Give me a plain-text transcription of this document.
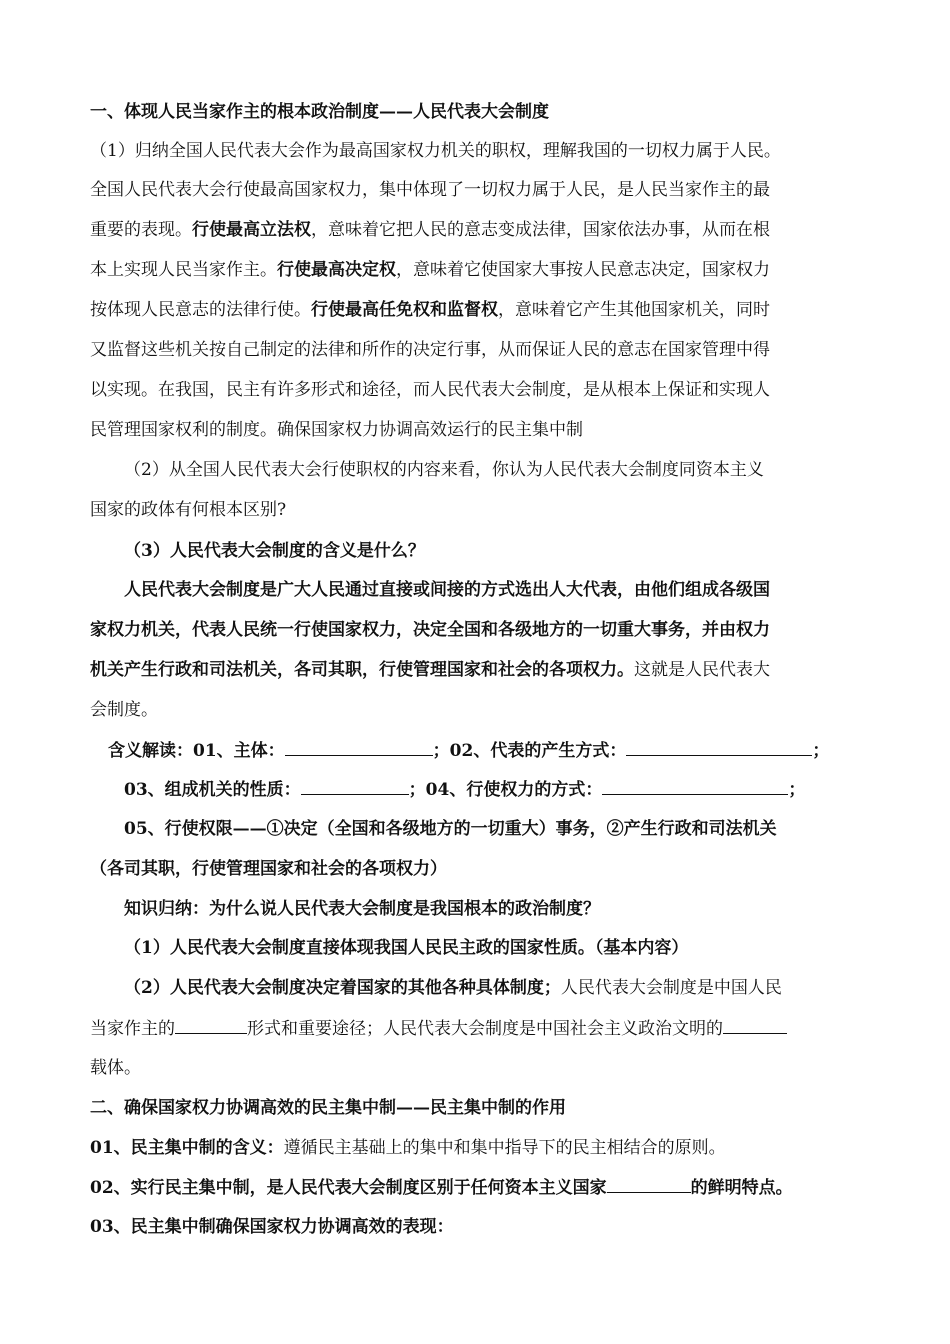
一、体现人民当家作主的根本政治制度——人民代表大会制度
（1）归纳全国人民代表大会作为最高国家权力机关的职权，理解我国的一切权力属于人民。
全国人民代表大会行使最高国家权力，集中体现了一切权力属于人民，是人民当家作主的最
重要的表现。行使最高立法权，意味着它把人民的意志变成法律，国家依法办事，从而在根
本上实现人民当家作主。行使最高决定权，意味着它使国家大事按人民意志决定，国家权力
按体现人民意志的法律行使。行使最高任免权和监督权，意味着它产生其他国家机关，同时
又监督这些机关按自己制定的法律和所作的决定行事，从而保证人民的意志在国家管理中得
以实现。在我国，民主有许多形式和途径，而人民代表大会制度，是从根本上保证和实现人
民管理国家权利的制度。确保国家权力协调高效运行的民主集中制
（2）从全国人民代表大会行使职权的内容来看，你认为人民代表大会制度同资本主义
国家的政体有何根本区别?
（3）人民代表大会制度的含义是什么？
人民代表大会制度是广大人民通过直接或间接的方式选出人大代表，由他们组成各级国
家权力机关，代表人民统一行使国家权力，决定全国和各级地方的一切重大事务，并由权力
机关产生行政和司法机关，各司其职，行使管理国家和社会的各项权力。这就是人民代表大
会制度。
含义解读：01、主体：	；02、代表的产生方式：	；
03、组成机关的性质：	；04、行使权力的方式：	；
05、行使权限——①决定（全国和各级地方的一切重大）事务，②产生行政和司法机关
（各司其职，行使管理国家和社会的各项权力）
知识归纳：为什么说人民代表大会制度是我国根本的政治制度？
（1）人民代表大会制度直接体现我国人民民主政的国家性质。（基本内容）
（2）人民代表大会制度决定着国家的其他各种具体制度；人民代表大会制度是中国人民
当家作主的	形式和重要途径；人民代表大会制度是中国社会主义政治文明的
载体。
二、确保国家权力协调高效的民主集中制——民主集中制的作用
01、民主集中制的含义：遵循民主基础上的集中和集中指导下的民主相结合的原则。
02、实行民主集中制，是人民代表大会制度区别于任何资本主义国家	的鲜明特点。
03、民主集中制确保国家权力协调高效的表现：
